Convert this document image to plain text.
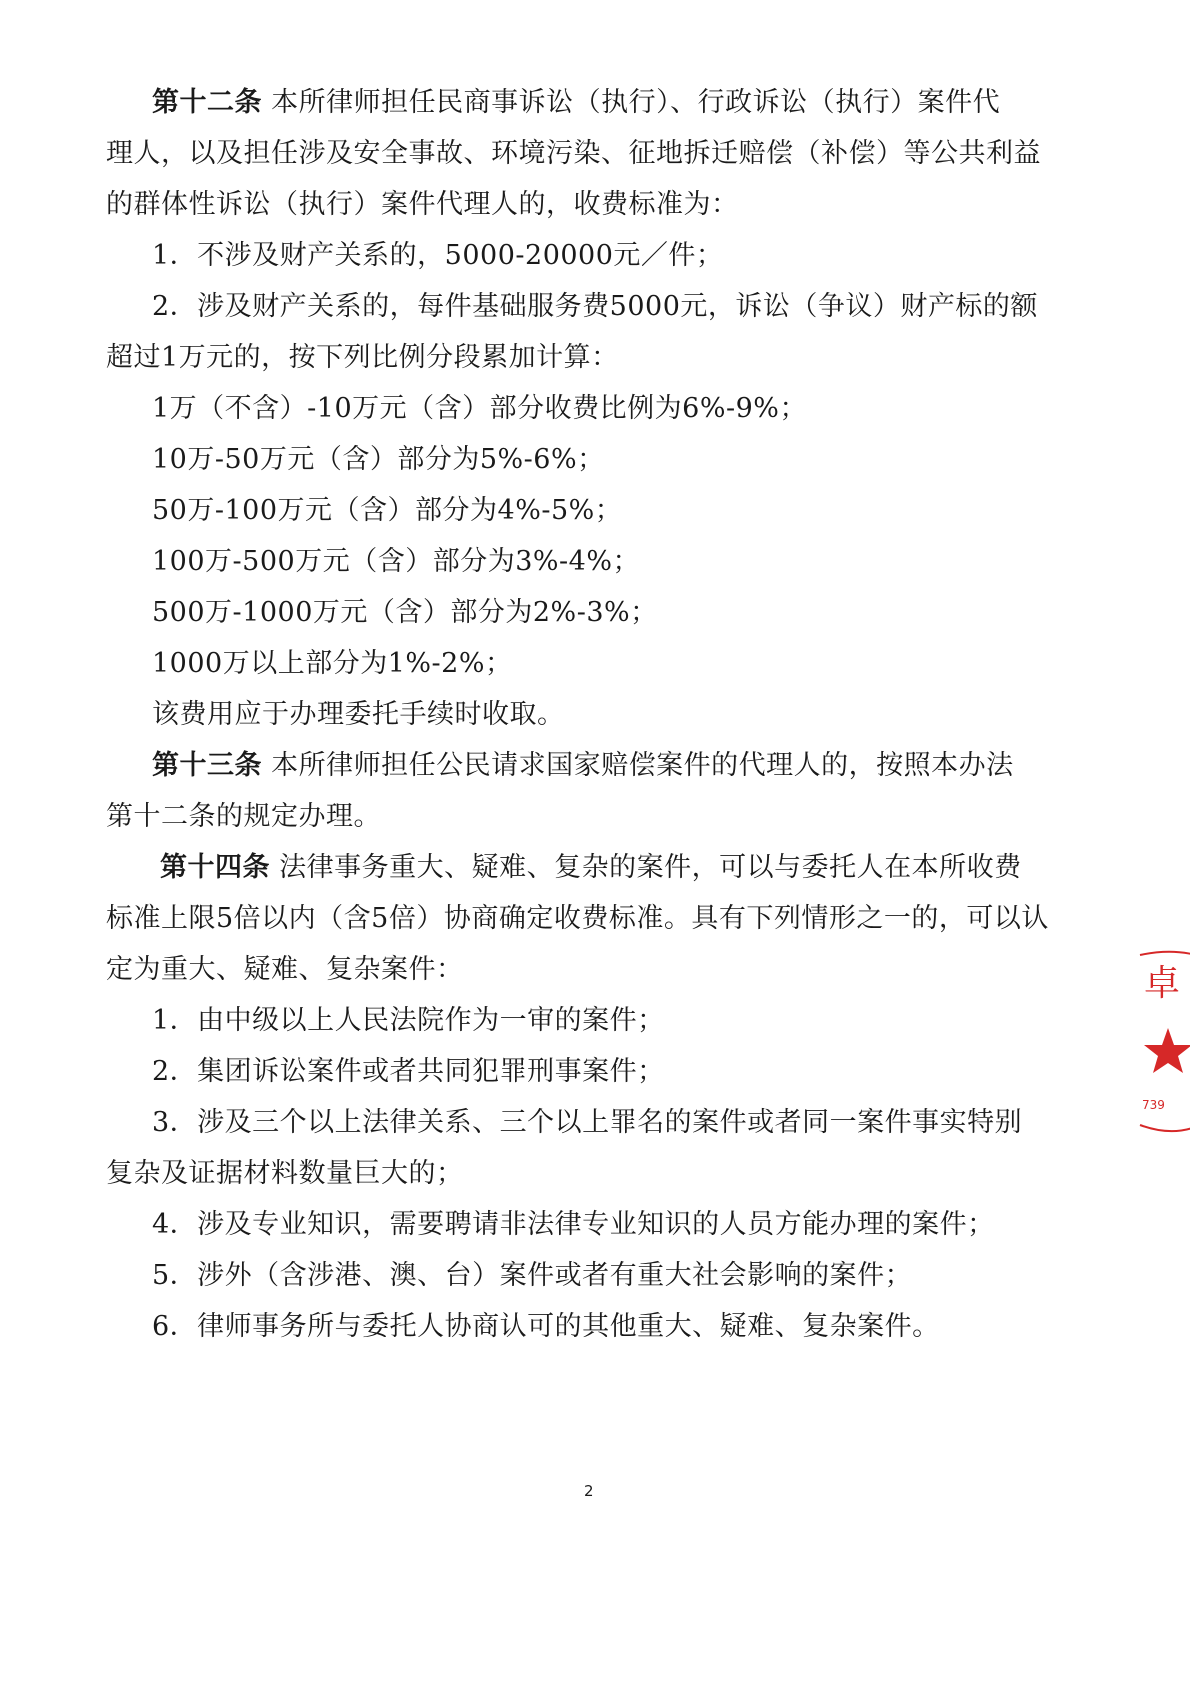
第十二条 本所律师担任民商事诉讼（执行）、行政诉讼（执行）案件代
理人，以及担任涉及安全事故、环境污染、征地拆迁赔偿（补偿）等公共利益
的群体性诉讼（执行）案件代理人的，收费标准为：
1．不涉及财产关系的，5000-20000元／件；
2．涉及财产关系的，每件基础服务费5000元，诉讼（争议）财产标的额
超过1万元的，按下列比例分段累加计算：
1万（不含）-10万元（含）部分收费比例为6%-9%；
10万-50万元（含）部分为5%-6%；
50万-100万元（含）部分为4%-5%；
100万-500万元（含）部分为3%-4%；
500万-1000万元（含）部分为2%-3%；
1000万以上部分为1%-2%；
该费用应于办理委托手续时收取。
第十三条 本所律师担任公民请求国家赔偿案件的代理人的，按照本办法
第十二条的规定办理。
第十四条 法律事务重大、疑难、复杂的案件，可以与委托人在本所收费
标准上限5倍以内（含5倍）协商确定收费标准。具有下列情形之一的，可以认
定为重大、疑难、复杂案件：
1．由中级以上人民法院作为一审的案件；
2．集团诉讼案件或者共同犯罪刑事案件；
3．涉及三个以上法律关系、三个以上罪名的案件或者同一案件事实特别
复杂及证据材料数量巨大的；
4．涉及专业知识，需要聘请非法律专业知识的人员方能办理的案件；
5．涉外（含涉港、澳、台）案件或者有重大社会影响的案件；
6．律师事务所与委托人协商认可的其他重大、疑难、复杂案件。
2
卓
739
